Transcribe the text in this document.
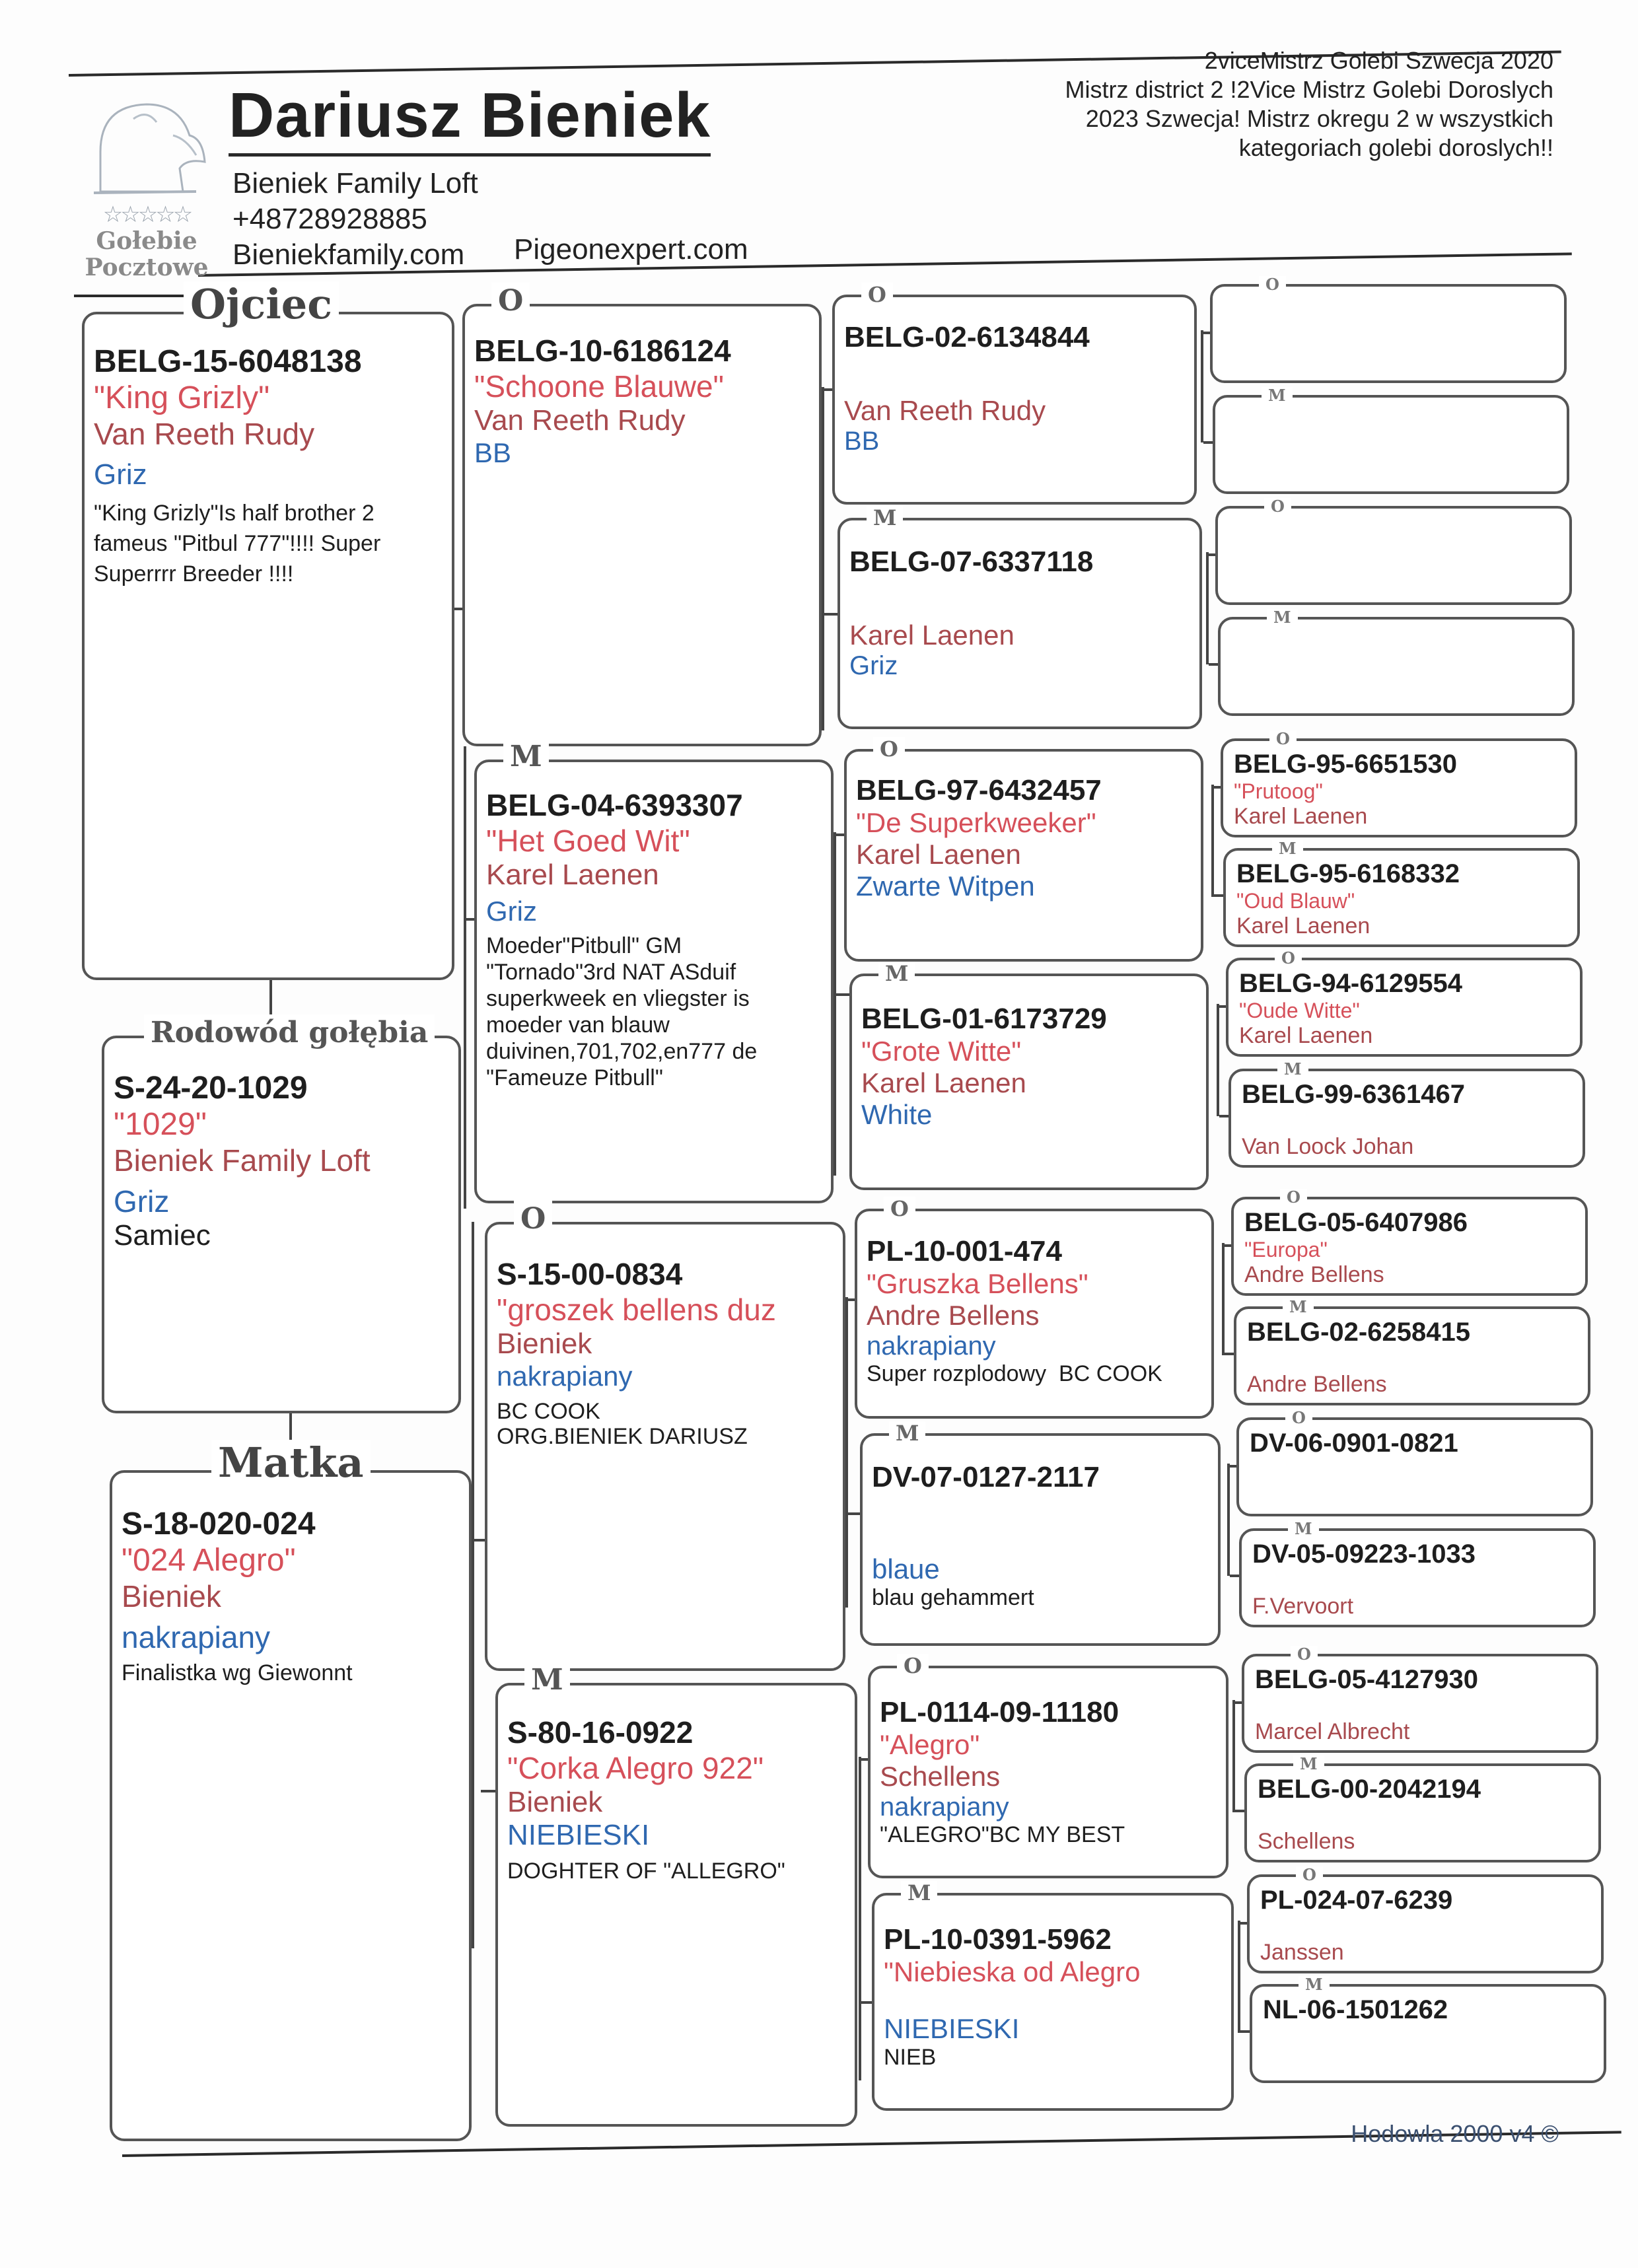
☆☆☆☆☆
Gołebie
Pocztowe
Dariusz Bieniek
Bieniek Family Loft
+48728928885
Bieniekfamily.com Pigeonexpert.com
2viceMistrz Golebi Szwecja 2020
Mistrz district 2 !2Vice Mistrz Golebi Doroslych
2023 Szwecja! Mistrz okregu 2 w wszystkich
kategoriach golebi doroslych!!
Ojciec
BELG-15-6048138
"King Grizly"
Van Reeth Rudy
Griz
"King Grizly"Is half brother 2 fameus "Pitbul 777"!!!! Super Superrrr Breeder !!!!
Rodowód gołębia
S-24-20-1029
"1029"
Bieniek Family Loft
Griz
Samiec
Matka
S-18-020-024
"024 Alegro"
Bieniek
nakrapiany
Finalistka wg Giewonnt
O
BELG-10-6186124
"Schoone Blauwe"
Van Reeth Rudy
BB
M
BELG-04-6393307
"Het Goed Wit"
Karel Laenen
Griz
Moeder"Pitbull" GM "Tornado"3rd NAT ASduif superkweek en vliegster is moeder van blauw duivinen,701,702,en777 de "Fameuze Pitbull"
O
S-15-00-0834
"groszek bellens duz
Bieniek
nakrapiany
BC COOK
ORG.BIENIEK DARIUSZ
M
S-80-16-0922
"Corka Alegro 922"
Bieniek
NIEBIESKI
DOGHTER OF "ALLEGRO"
O
BELG-02-6134844
Van Reeth Rudy
BB
M
BELG-07-6337118
Karel Laenen
Griz
O
BELG-97-6432457
"De Superkweeker"
Karel Laenen
Zwarte Witpen
M
BELG-01-6173729
"Grote Witte"
Karel Laenen
White
O
PL-10-001-474
"Gruszka Bellens"
Andre Bellens
nakrapiany
Super rozplodowy  BC COOK
M
DV-07-0127-2117
blaue
blau gehammert
O
PL-0114-09-11180
"Alegro"
Schellens
nakrapiany
"ALEGRO"BC MY BEST
M
PL-10-0391-5962
"Niebieska od Alegro
NIEBIESKI
NIEB
O
M
O
M
O
BELG-95-6651530
"Prutoog"
Karel Laenen
M
BELG-95-6168332
"Oud Blauw"
Karel Laenen
O
BELG-94-6129554
"Oude Witte"
Karel Laenen
M
BELG-99-6361467
Van Loock Johan
O
BELG-05-6407986
"Europa"
Andre Bellens
M
BELG-02-6258415
Andre Bellens
O
DV-06-0901-0821
M
DV-05-09223-1033
F.Vervoort
O
BELG-05-4127930
Marcel Albrecht
M
BELG-00-2042194
Schellens
O
PL-024-07-6239
Janssen
M
NL-06-1501262
Hodowla 2000 v4 ©
